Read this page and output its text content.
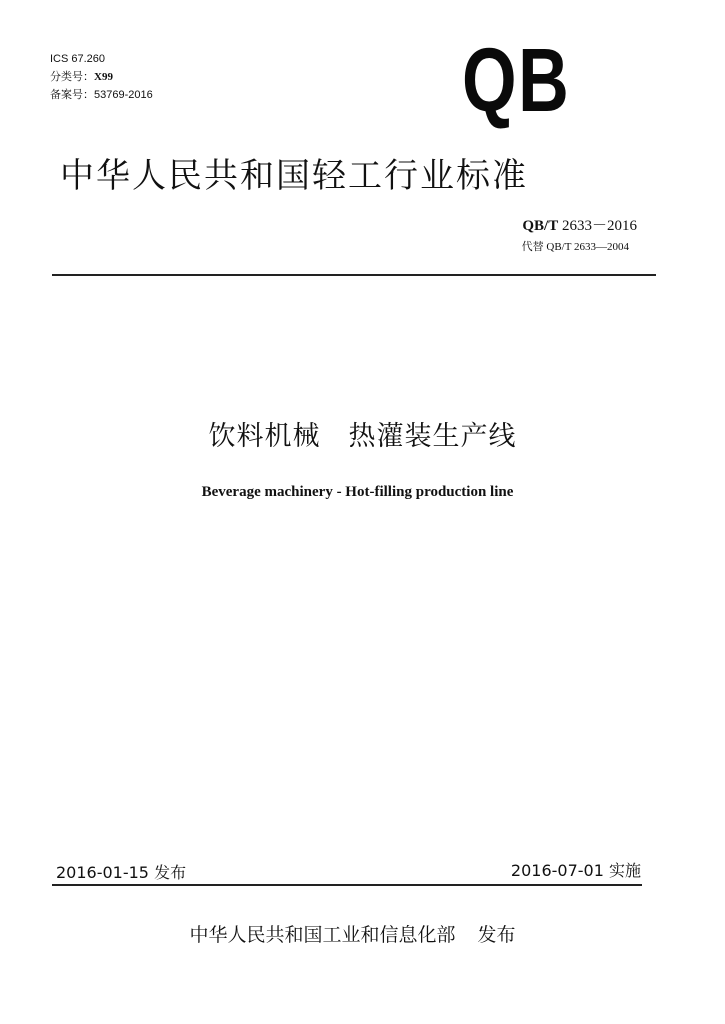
ICS 67.260
分类号：X99
备案号：53769-2016	QB
中华人民共和国轻工行业标准
QB/T 2633－2016
代替 QB/T 2633—2004
饮料机械　热灌装生产线
Beverage machinery - Hot-filling production line
2016-01-15 发布	2016-07-01 实施
中华人民共和国工业和信息化部 发布
